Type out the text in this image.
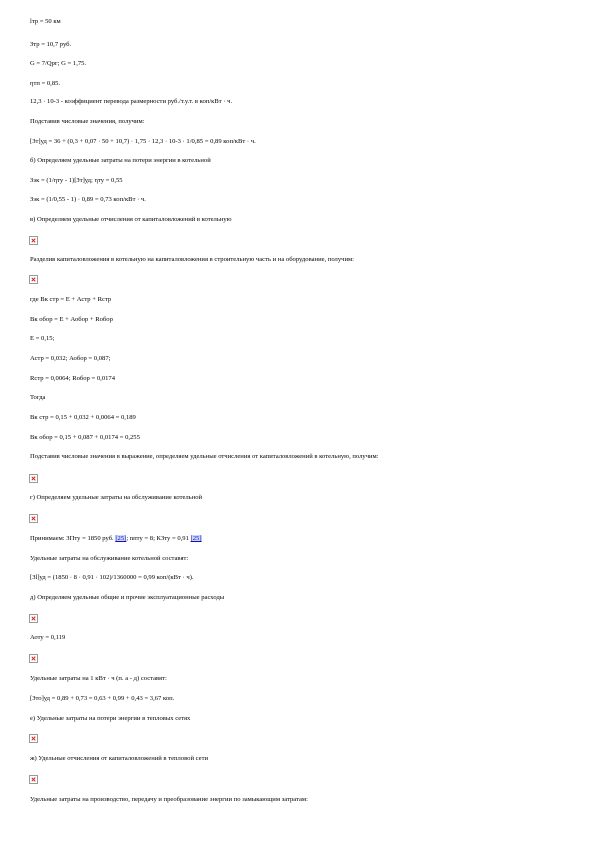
lтр = 50 км
Зтр = 10,7 руб.
G = 7/Qрг; G = 1,75.
ηтп = 0,85.
12,3 · 10-3 - коэффициент перевода размерности руб./т.у.т. в коп/кВт · ч.
Подставив числовые значения, получим:
[Зт]уд = 36 + (0,3 + 0,07 · 50 + 10,7) · 1,75 · 12,3 · 10-3 · 1/0,85 = 0,89 коп/кВт · ч.
б) Определяем удельные затраты на потери энергии в котельной
Зэк = (1/ηту - 1)[Зт]уд; ηту = 0,55
Зэк = (1/0,55 - 1) · 0,89 = 0,73 коп/кВт · ч.
в) Определяем удельные отчисления от капиталовложений в котельную
Разделив капиталовложения в котельную на капиталовложения в строительную часть и на оборудование, получим:
где Вк стр = Е + Астр + Rстр
Вк обор = Е + Аобор + Rобор
Е = 0,15;
Астр = 0,032; Аобор = 0,087;
Rстр = 0,0064; Rобор = 0,0174
Тогда
Вк стр = 0,15 + 0,032 + 0,0064 = 0,189
Вк обор = 0,15 + 0,087 + 0,0174 = 0,255
Подставив числовые значения в выражение, определяем удельные отчисления от капиталовложений в котельную, получим:
г) Определяем удельные затраты на обслуживание котельной
Принимаем: ЗПту = 1850 руб. [25]; nпту = 8; КЗту = 0,91 [25]
Удельные затраты на обслуживание котельной составят:
[Зl]уд = (1850 · 8 · 0,91 · 102)/1360000 = 0,99 коп/(кВт · ч).
д) Определяем удельные общие и прочие эксплуатационные расходы
Аоту = 0,119
Удельные затраты на 1 кВт · ч (п. а - д) составят:
[Зто]уд = 0,89 + 0,73 = 0,63 + 0,99 + 0,43 = 3,67 коп.
е) Удельные затраты на потери энергии в тепловых сетях
ж) Удельные отчисления от капиталовложений в тепловой сети
Удельные затраты на производство, передачу и преобразование энергии по замыкающим затратам:
